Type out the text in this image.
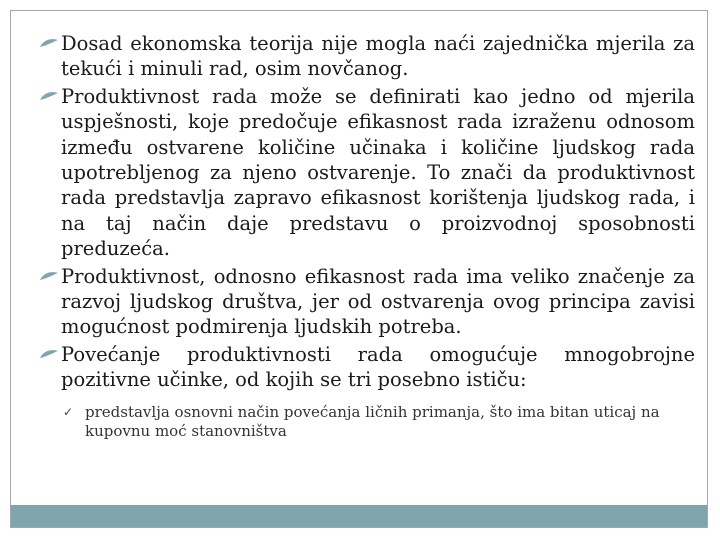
Dosad ekonomska teorija nije mogla naći zajednička mjerila za tekući i minuli rad, osim novčanog.

Produktivnost rada može se definirati kao jedno od mjerila uspješnosti, koje predočuje efikasnost rada izraženu odnosom između ostvarene količine učinaka i količine ljudskog rada upotrebljenog za njeno ostvarenje. To znači da produktivnost rada predstavlja zapravo efikasnost korištenja ljudskog rada, i na taj način daje predstavu o proizvodnoj sposobnosti preduzeća.

Produktivnost, odnosno efikasnost rada ima veliko značenje za razvoj ljudskog društva, jer od ostvarenja ovog principa zavisi mogućnost podmirenja ljudskih potreba.

Povećanje produktivnosti rada omogućuje mnogobrojne pozitivne učinke, od kojih se tri posebno ističu:

✓ predstavlja osnovni način povećanja ličnih primanja, što ima bitan uticaj na kupovnu moć stanovništva
